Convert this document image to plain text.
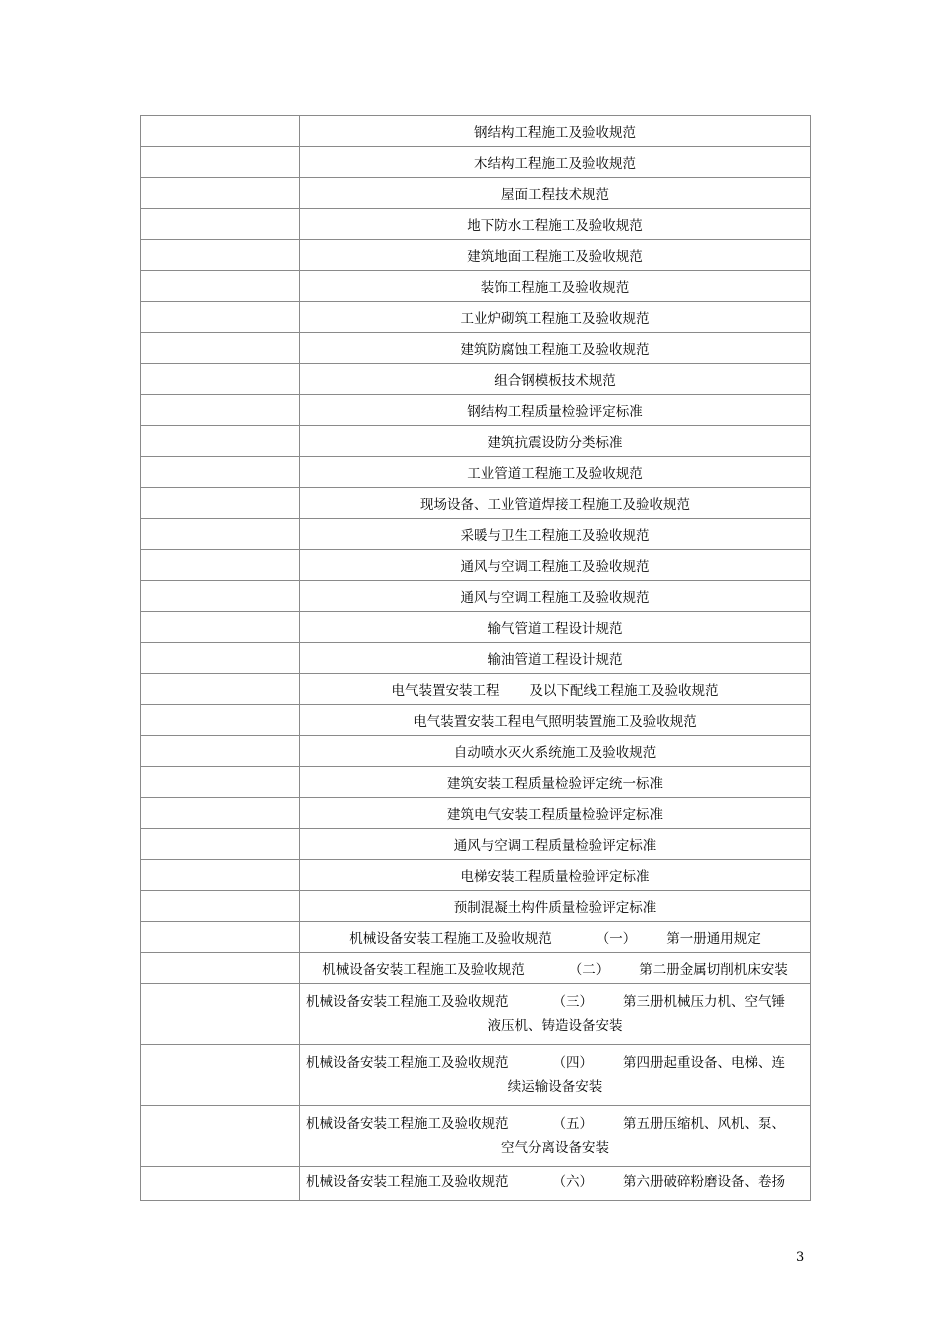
	钢结构工程施工及验收规范
	木结构工程施工及验收规范
	屋面工程技术规范
	地下防水工程施工及验收规范
	建筑地面工程施工及验收规范
	装饰工程施工及验收规范
	工业炉砌筑工程施工及验收规范
	建筑防腐蚀工程施工及验收规范
	组合钢模板技术规范
	钢结构工程质量检验评定标准
	建筑抗震设防分类标准
	工业管道工程施工及验收规范
	现场设备、工业管道焊接工程施工及验收规范
	采暖与卫生工程施工及验收规范
	通风与空调工程施工及验收规范
	通风与空调工程施工及验收规范
	输气管道工程设计规范
	输油管道工程设计规范
	电气装置安装工程 及以下配线工程施工及验收规范
	电气装置安装工程电气照明装置施工及验收规范
	自动喷水灭火系统施工及验收规范
	建筑安装工程质量检验评定统一标准
	建筑电气安装工程质量检验评定标准
	通风与空调工程质量检验评定标准
	电梯安装工程质量检验评定标准
	预制混凝土构件质量检验评定标准
	机械设备安装工程施工及验收规范 （一） 第一册通用规定
	机械设备安装工程施工及验收规范 （二） 第二册金属切削机床安装
	机械设备安装工程施工及验收规范 （三） 第三册机械压力机、空气锤
液压机、铸造设备安装

	机械设备安装工程施工及验收规范 （四） 第四册起重设备、电梯、连
续运输设备安装

	机械设备安装工程施工及验收规范 （五） 第五册压缩机、风机、泵、
空气分离设备安装

	机械设备安装工程施工及验收规范 （六） 第六册破碎粉磨设备、卷扬
3
